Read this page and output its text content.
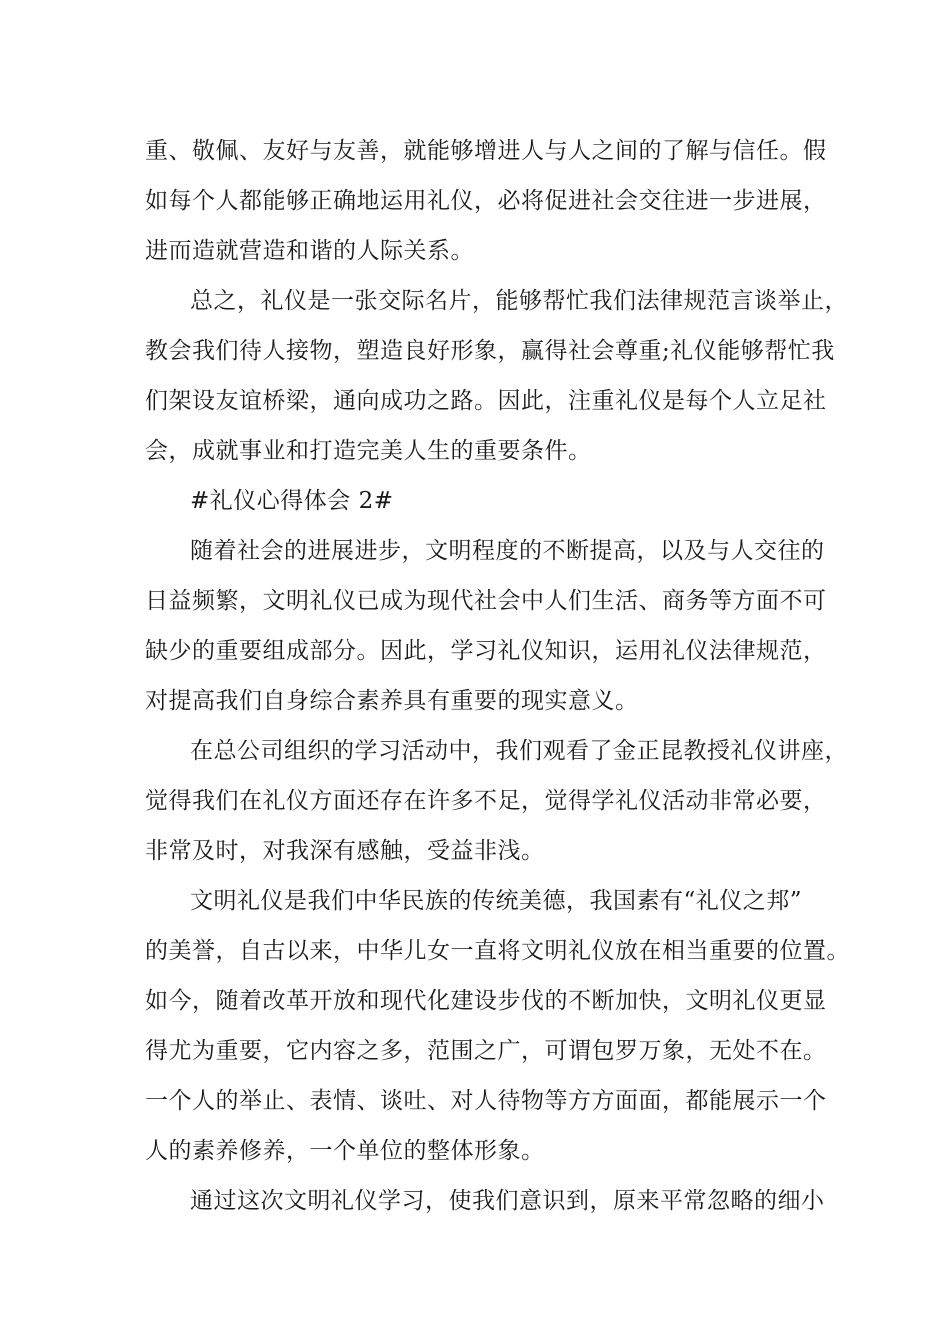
重、敬佩、友好与友善，就能够增进人与人之间的了解与信任。假
如每个人都能够正确地运用礼仪，必将促进社会交往进一步进展，
进而造就营造和谐的人际关系。
总之，礼仪是一张交际名片，能够帮忙我们法律规范言谈举止，
教会我们待人接物，塑造良好形象，赢得社会尊重;礼仪能够帮忙我
们架设友谊桥梁，通向成功之路。因此，注重礼仪是每个人立足社
会，成就事业和打造完美人生的重要条件。
#礼仪心得体会 2#
随着社会的进展进步，文明程度的不断提高，以及与人交往的
日益频繁，文明礼仪已成为现代社会中人们生活、商务等方面不可
缺少的重要组成部分。因此，学习礼仪知识，运用礼仪法律规范，
对提高我们自身综合素养具有重要的现实意义。
在总公司组织的学习活动中，我们观看了金正昆教授礼仪讲座，
觉得我们在礼仪方面还存在许多不足，觉得学礼仪活动非常必要，
非常及时，对我深有感触，受益非浅。
文明礼仪是我们中华民族的传统美德，我国素有“礼仪之邦”
的美誉，自古以来，中华儿女一直将文明礼仪放在相当重要的位置。
如今，随着改革开放和现代化建设步伐的不断加快，文明礼仪更显
得尤为重要，它内容之多，范围之广，可谓包罗万象，无处不在。
一个人的举止、表情、谈吐、对人待物等方方面面，都能展示一个
人的素养修养，一个单位的整体形象。
通过这次文明礼仪学习，使我们意识到，原来平常忽略的细小
